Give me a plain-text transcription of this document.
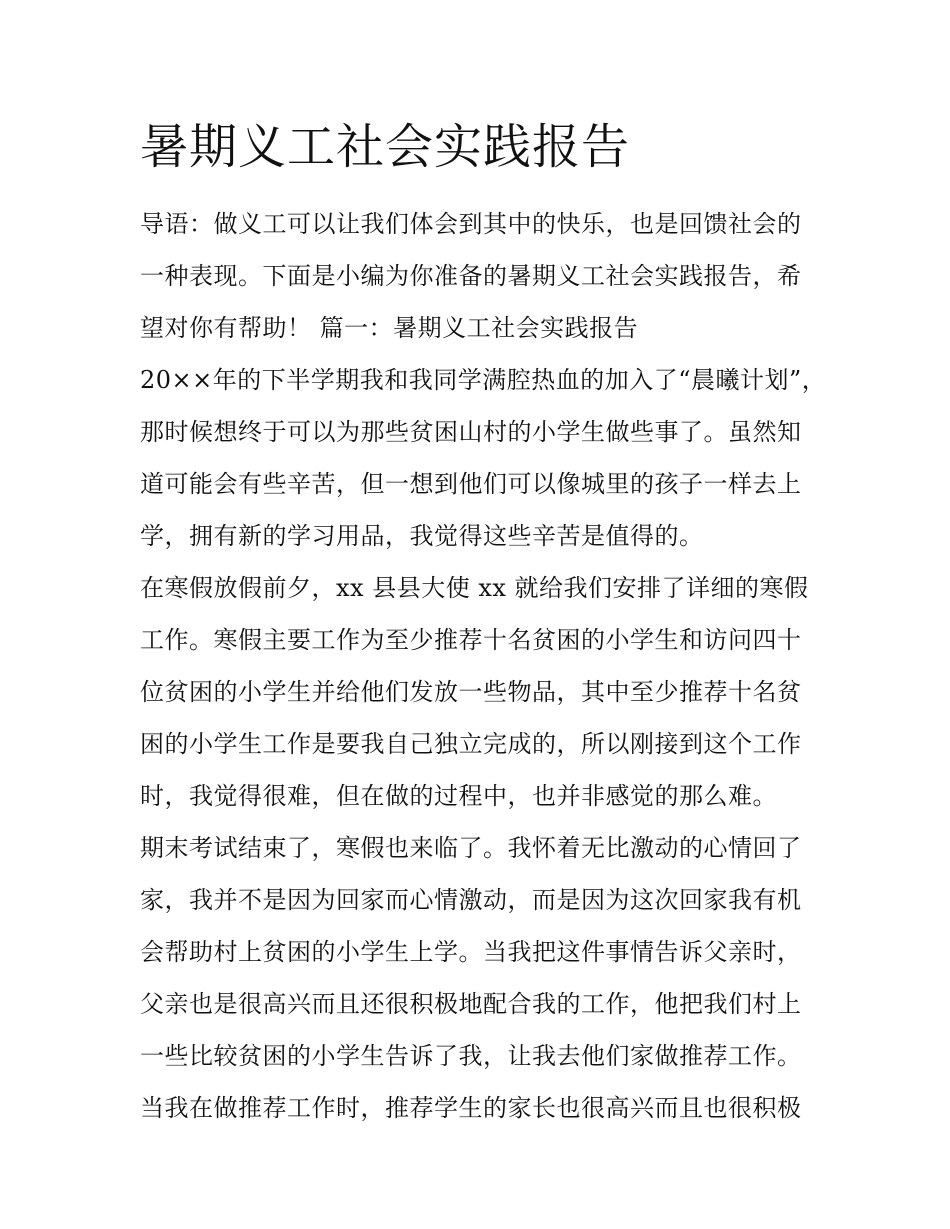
暑期义工社会实践报告
导语：做义工可以让我们体会到其中的快乐，也是回馈社会的
一种表现。下面是小编为你准备的暑期义工社会实践报告，希
望对你有帮助！ 篇一：暑期义工社会实践报告
20××年的下半学期我和我同学满腔热血的加入了“晨曦计划”，
那时候想终于可以为那些贫困山村的小学生做些事了。虽然知
道可能会有些辛苦，但一想到他们可以像城里的孩子一样去上
学，拥有新的学习用品，我觉得这些辛苦是值得的。
在寒假放假前夕，xx 县县大使 xx 就给我们安排了详细的寒假
工作。寒假主要工作为至少推荐十名贫困的小学生和访问四十
位贫困的小学生并给他们发放一些物品，其中至少推荐十名贫
困的小学生工作是要我自己独立完成的，所以刚接到这个工作
时，我觉得很难，但在做的过程中，也并非感觉的那么难。
期末考试结束了，寒假也来临了。我怀着无比激动的心情回了
家，我并不是因为回家而心情激动，而是因为这次回家我有机
会帮助村上贫困的小学生上学。当我把这件事情告诉父亲时，
父亲也是很高兴而且还很积极地配合我的工作，他把我们村上
一些比较贫困的小学生告诉了我，让我去他们家做推荐工作。
当我在做推荐工作时，推荐学生的家长也很高兴而且也很积极
